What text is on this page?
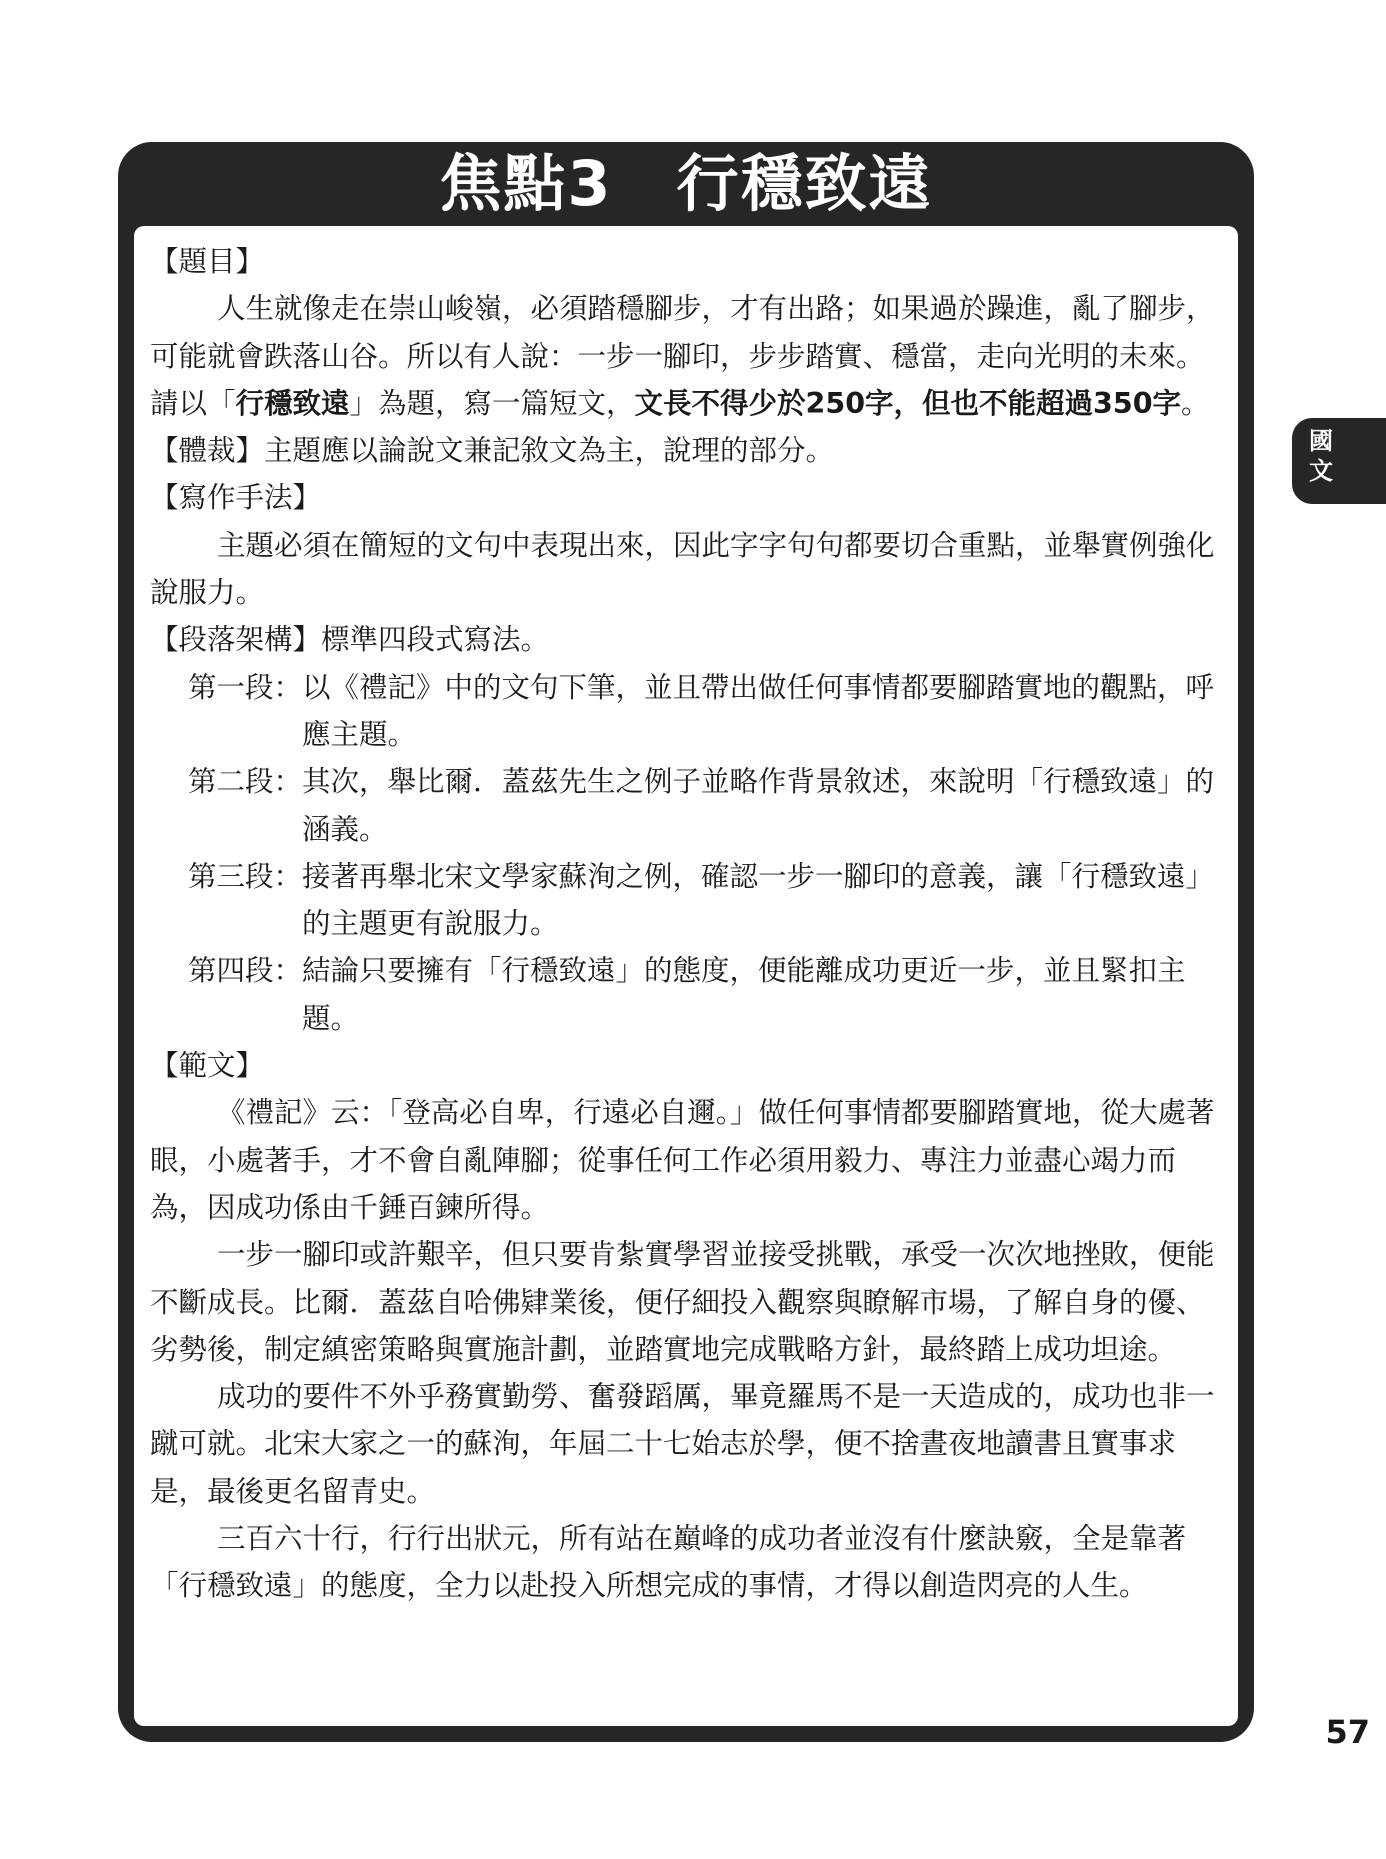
焦點3　行穩致遠

【題目】

人生就像走在崇山峻嶺，必須踏穩腳步，才有出路；如果過於躁進，亂了腳步，可能就會跌落山谷。所以有人說：一步一腳印，步步踏實、穩當，走向光明的未來。請以「行穩致遠」為題，寫一篇短文，文長不得少於250字，但也不能超過350字。

【體裁】主題應以論說文兼記敘文為主，說理的部分。

【寫作手法】

主題必須在簡短的文句中表現出來，因此字字句句都要切合重點，並舉實例強化說服力。

【段落架構】標準四段式寫法。

第一段： 以《禮記》中的文句下筆，並且帶出做任何事情都要腳踏實地的觀點，呼應主題。
第二段： 其次，舉比爾．蓋茲先生之例子並略作背景敘述，來說明「行穩致遠」的涵義。
第三段： 接著再舉北宋文學家蘇洵之例，確認一步一腳印的意義，讓「行穩致遠」的主題更有說服力。
第四段： 結論只要擁有「行穩致遠」的態度，便能離成功更近一步，並且緊扣主題。

【範文】

《禮記》云：「登高必自卑，行遠必自邇。」做任何事情都要腳踏實地，從大處著眼，小處著手，才不會自亂陣腳；從事任何工作必須用毅力、專注力並盡心竭力而為，因成功係由千錘百鍊所得。

一步一腳印或許艱辛，但只要肯紮實學習並接受挑戰，承受一次次地挫敗，便能不斷成長。比爾．蓋茲自哈佛肄業後，便仔細投入觀察與瞭解市場，了解自身的優、劣勢後，制定縝密策略與實施計劃，並踏實地完成戰略方針，最終踏上成功坦途。

成功的要件不外乎務實勤勞、奮發蹈厲，畢竟羅馬不是一天造成的，成功也非一蹴可就。北宋大家之一的蘇洵，年屆二十七始志於學，便不捨晝夜地讀書且實事求是，最後更名留青史。

三百六十行，行行出狀元，所有站在巔峰的成功者並沒有什麼訣竅，全是靠著「行穩致遠」的態度，全力以赴投入所想完成的事情，才得以創造閃亮的人生。

國文
57
